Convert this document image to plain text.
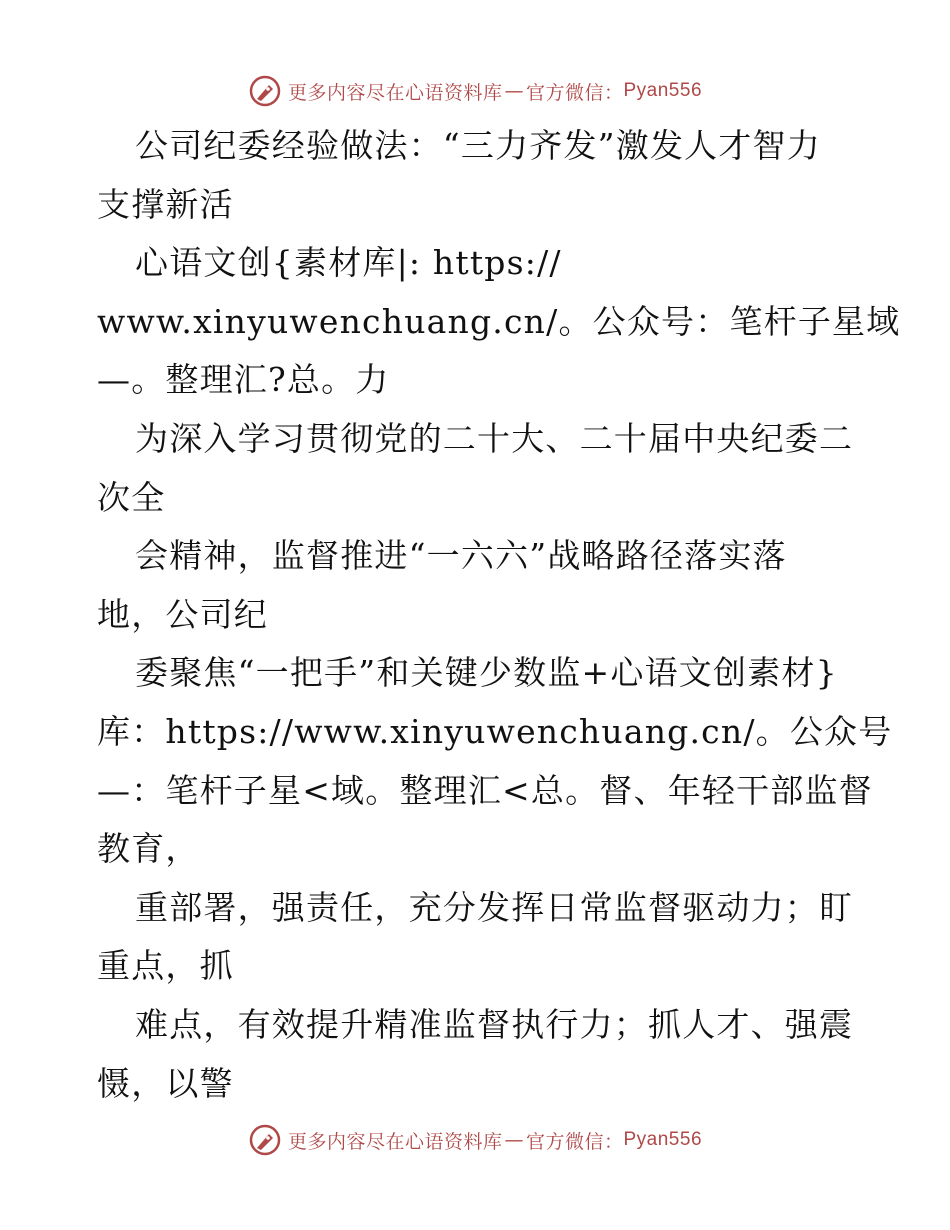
更多内容尽在心语资料库 — 官方微信： Pyan556
公司纪委经验做法：“三力齐发”激发人才智力
支撑新活
心语文创{素材库|: https://
www.xinyuwenchuang.cn/。公众号：笔杆子星域
—。整理汇?总。力
为深入学习贯彻党的二十大、二十届中央纪委二
次全
会精神，监督推进“一六六”战略路径落实落
地，公司纪
委聚焦“一把手”和关键少数监+心语文创素材}
库：https://www.xinyuwenchuang.cn/。公众号
—：笔杆子星<域。整理汇<总。督、年轻干部监督
教育，
重部署，强责任，充分发挥日常监督驱动力；盯
重点，抓
难点，有效提升精准监督执行力；抓人才、强震
慑，以警
更多内容尽在心语资料库 — 官方微信： Pyan556
